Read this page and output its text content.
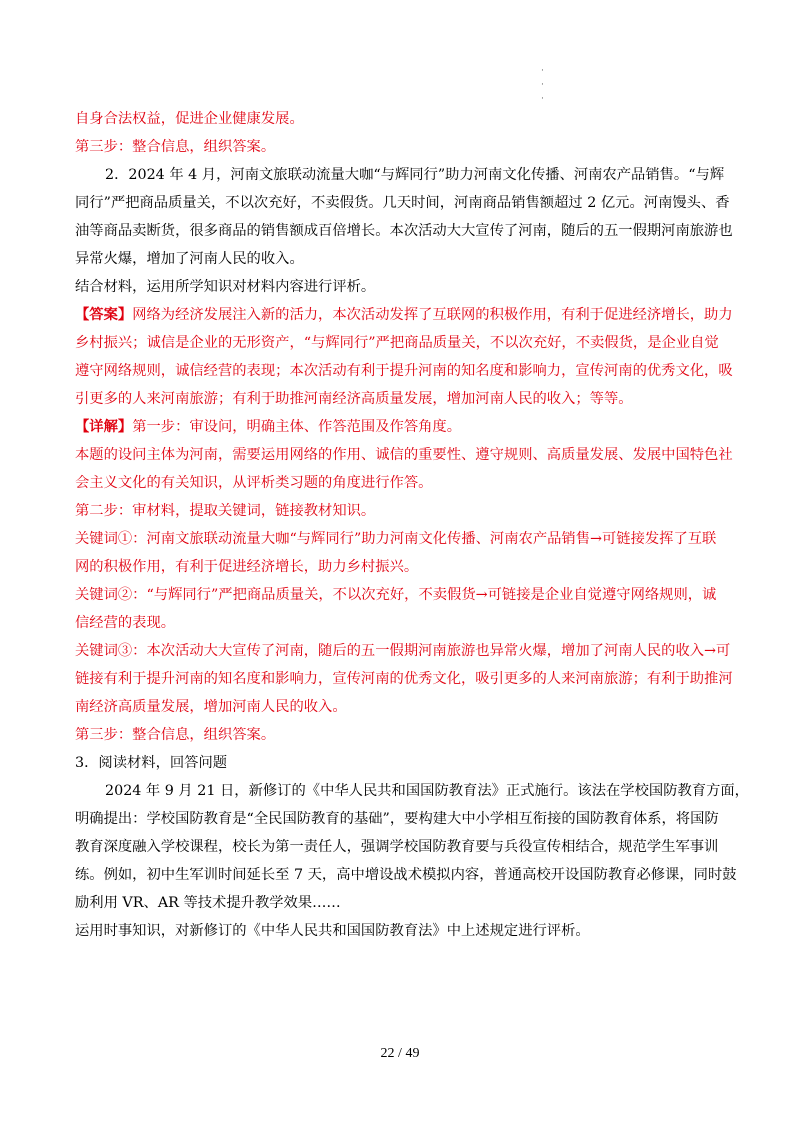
·
·
·
自身合法权益，促进企业健康发展。
第三步：整合信息，组织答案。
2．2024 年 4 月，河南文旅联动流量大咖“与辉同行”助力河南文化传播、河南农产品销售。“与辉
同行”严把商品质量关，不以次充好，不卖假货。几天时间，河南商品销售额超过 2 亿元。河南馒头、香
油等商品卖断货，很多商品的销售额成百倍增长。本次活动大大宣传了河南，随后的五一假期河南旅游也
异常火爆，增加了河南人民的收入。
结合材料，运用所学知识对材料内容进行评析。
【答案】网络为经济发展注入新的活力，本次活动发挥了互联网的积极作用，有利于促进经济增长，助力
乡村振兴；诚信是企业的无形资产，“与辉同行”严把商品质量关，不以次充好，不卖假货，是企业自觉
遵守网络规则，诚信经营的表现；本次活动有利于提升河南的知名度和影响力，宣传河南的优秀文化，吸
引更多的人来河南旅游；有利于助推河南经济高质量发展，增加河南人民的收入；等等。
【详解】第一步：审设问，明确主体、作答范围及作答角度。
本题的设问主体为河南，需要运用网络的作用、诚信的重要性、遵守规则、高质量发展、发展中国特色社
会主义文化的有关知识，从评析类习题的角度进行作答。
第二步：审材料，提取关键词，链接教材知识。
关键词①：河南文旅联动流量大咖“与辉同行”助力河南文化传播、河南农产品销售→可链接发挥了互联
网的积极作用，有利于促进经济增长，助力乡村振兴。
关键词②：“与辉同行”严把商品质量关，不以次充好，不卖假货→可链接是企业自觉遵守网络规则，诚
信经营的表现。
关键词③：本次活动大大宣传了河南，随后的五一假期河南旅游也异常火爆，增加了河南人民的收入→可
链接有利于提升河南的知名度和影响力，宣传河南的优秀文化，吸引更多的人来河南旅游；有利于助推河
南经济高质量发展，增加河南人民的收入。
第三步：整合信息，组织答案。
3．阅读材料，回答问题
2024 年 9 月 21 日，新修订的《中华人民共和国国防教育法》正式施行。该法在学校国防教育方面，
明确提出：学校国防教育是“全民国防教育的基础”，要构建大中小学相互衔接的国防教育体系，将国防
教育深度融入学校课程，校长为第一责任人，强调学校国防教育要与兵役宣传相结合，规范学生军事训
练。例如，初中生军训时间延长至 7 天，高中增设战术模拟内容，普通高校开设国防教育必修课，同时鼓
励利用 VR、AR 等技术提升教学效果……
运用时事知识，对新修订的《中华人民共和国国防教育法》中上述规定进行评析。
22 / 49
